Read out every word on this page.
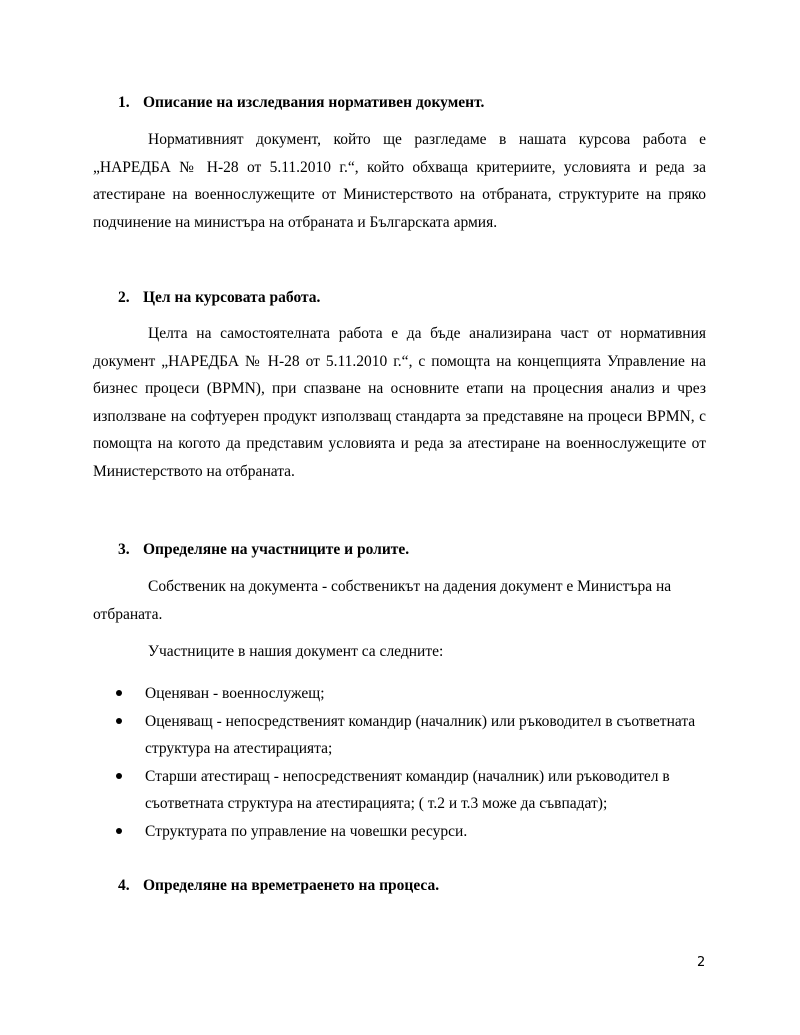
1. Описание на изследвания нормативен документ.

Нормативният документ, който ще разгледаме в нашата курсова работа е „НАРЕДБА № Н-28 от 5.11.2010 г.“, който обхваща критериите, условията и реда за атестиране на военнослужещите от Министерството на отбраната, структурите на пряко подчинение на министъра на отбраната и Българската армия.

2. Цел на курсовата работа.

Целта на самостоятелната работа е да бъде анализирана част от нормативния документ „НАРЕДБА № Н-28 от 5.11.2010 г.“, с помощта на концепцията Управление на бизнес процеси (BPMN), при спазване на основните етапи на процесния анализ и чрез използване на софтуерен продукт използващ стандарта за представяне на процеси BPMN, с помощта на когото да представим условията и реда за атестиране на военнослужещите от Министерството на отбраната.

3. Определяне на участниците и ролите.

Собственик на документа - собственикът на дадения документ е Министъра на отбраната.

Участниците в нашия документ са следните:

Оценяван - военнослужещ;
Оценяващ - непосредственият командир (началник) или ръководител в съответната структура на атестирацията;
Старши атестиращ - непосредственият командир (началник) или ръководител в съответната структура на атестирацията; ( т.2 и т.3 може да съвпадат);
Структурата по управление на човешки ресурси.
4. Определяне на времетраенето на процеса.
2
